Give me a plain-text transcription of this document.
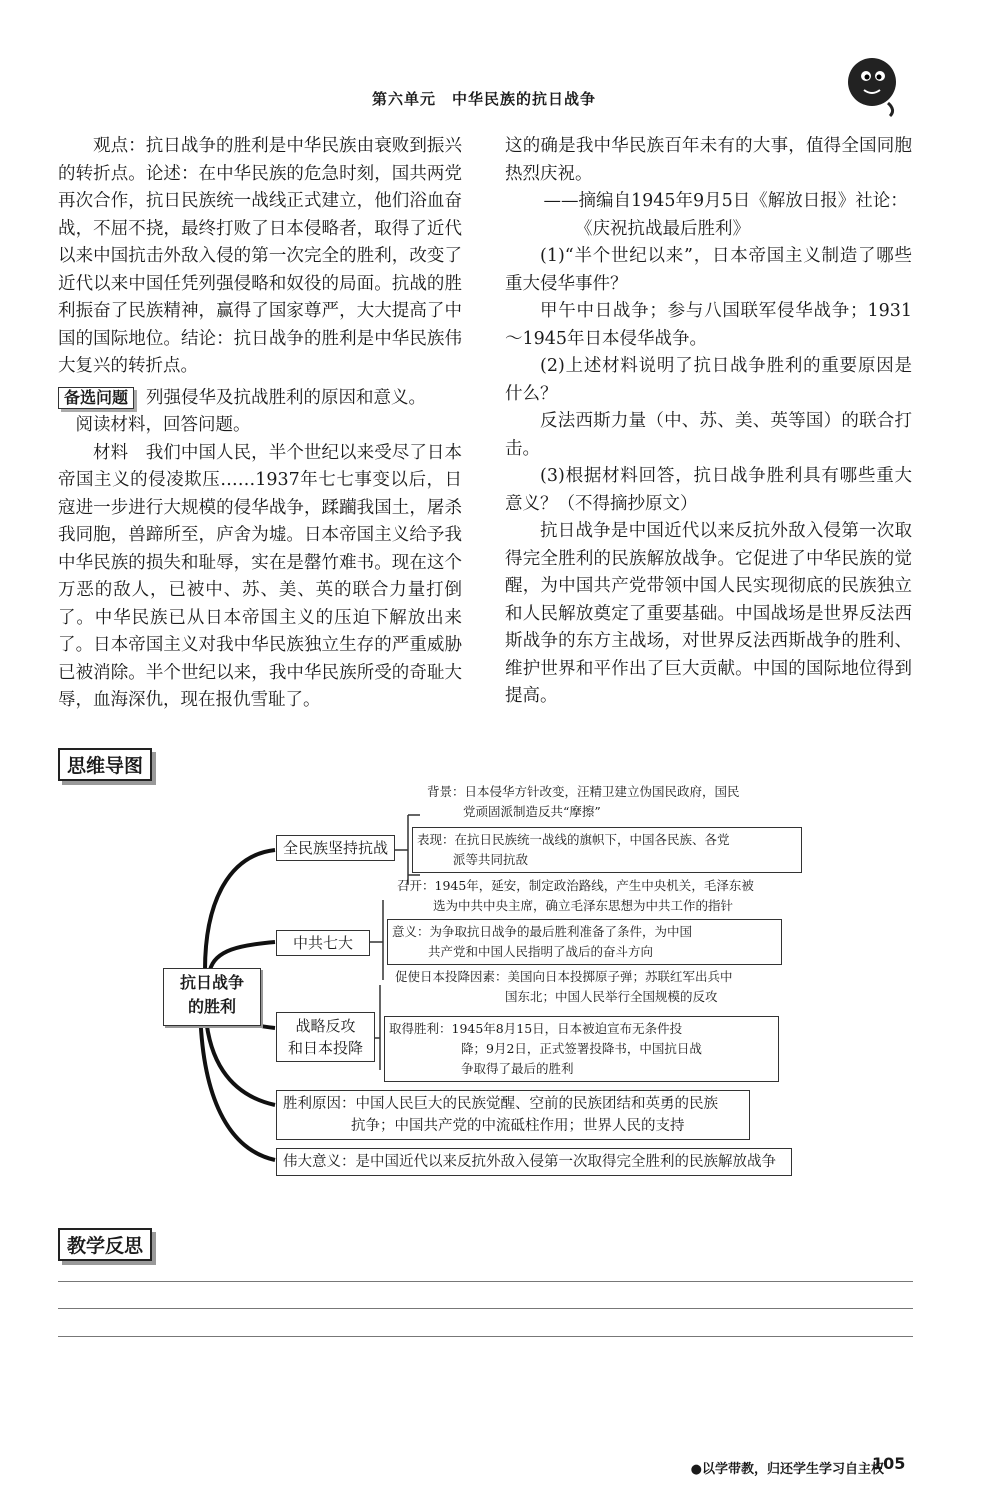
第六单元　中华民族的抗日战争

观点：抗日战争的胜利是中华民族由衰败到振兴的转折点。论述：在中华民族的危急时刻，国共两党再次合作，抗日民族统一战线正式建立，他们浴血奋战，不屈不挠，最终打败了日本侵略者，取得了近代以来中国抗击外敌入侵的第一次完全的胜利，改变了近代以来中国任凭列强侵略和奴役的局面。抗战的胜利振奋了民族精神，赢得了国家尊严，大大提高了中国的国际地位。结论：抗日战争的胜利是中华民族伟大复兴的转折点。

备选问题 列强侵华及抗战胜利的原因和意义。

阅读材料，回答问题。

材料　我们中国人民，半个世纪以来受尽了日本帝国主义的侵凌欺压……1937年七七事变以后，日寇进一步进行大规模的侵华战争，蹂躏我国土，屠杀我同胞，兽蹄所至，庐舍为墟。日本帝国主义给予我中华民族的损失和耻辱，实在是罄竹难书。现在这个万恶的敌人，已被中、苏、美、英的联合力量打倒了。中华民族已从日本帝国主义的压迫下解放出来了。日本帝国主义对我中华民族独立生存的严重威胁已被消除。半个世纪以来，我中华民族所受的奇耻大辱，血海深仇，现在报仇雪耻了。

这的确是我中华民族百年未有的大事，值得全国同胞热烈庆祝。

——摘编自1945年9月5日《解放日报》社论：

《庆祝抗战最后胜利》

(1)“半个世纪以来”，日本帝国主义制造了哪些重大侵华事件？

甲午中日战争；参与八国联军侵华战争；1931～1945年日本侵华战争。

(2)上述材料说明了抗日战争胜利的重要原因是什么？

反法西斯力量（中、苏、美、英等国）的联合打击。

(3)根据材料回答，抗日战争胜利具有哪些重大意义？（不得摘抄原文）

抗日战争是中国近代以来反抗外敌入侵第一次取得完全胜利的民族解放战争。它促进了中华民族的觉醒，为中国共产党带领中国人民实现彻底的民族独立和人民解放奠定了重要基础。中国战场是世界反法西斯战争的东方主战场，对世界反法西斯战争的胜利、维护世界和平作出了巨大贡献。中国的国际地位得到提高。

思维导图
抗日战争
的胜利
全民族坚持抗战
背景：日本侵华方针改变，汪精卫建立伪国民政府，国民
党顽固派制造反共“摩擦”
表现：在抗日民族统一战线的旗帜下，中国各民族、各党
派等共同抗敌
中共七大
召开：1945年，延安，制定政治路线，产生中央机关，毛泽东被
选为中共中央主席，确立毛泽东思想为中共工作的指针
意义：为争取抗日战争的最后胜利准备了条件，为中国
共产党和中国人民指明了战后的奋斗方向
战略反攻
和日本投降
促使日本投降因素：美国向日本投掷原子弹；苏联红军出兵中
国东北；中国人民举行全国规模的反攻
取得胜利：1945年8月15日，日本被迫宣布无条件投
降；9月2日，正式签署投降书，中国抗日战
争取得了最后的胜利
胜利原因：中国人民巨大的民族觉醒、空前的民族团结和英勇的民族
抗争；中国共产党的中流砥柱作用；世界人民的支持
伟大意义：是中国近代以来反抗外敌入侵第一次取得完全胜利的民族解放战争
教学反思
●以学带教，归还学生学习自主权
105
